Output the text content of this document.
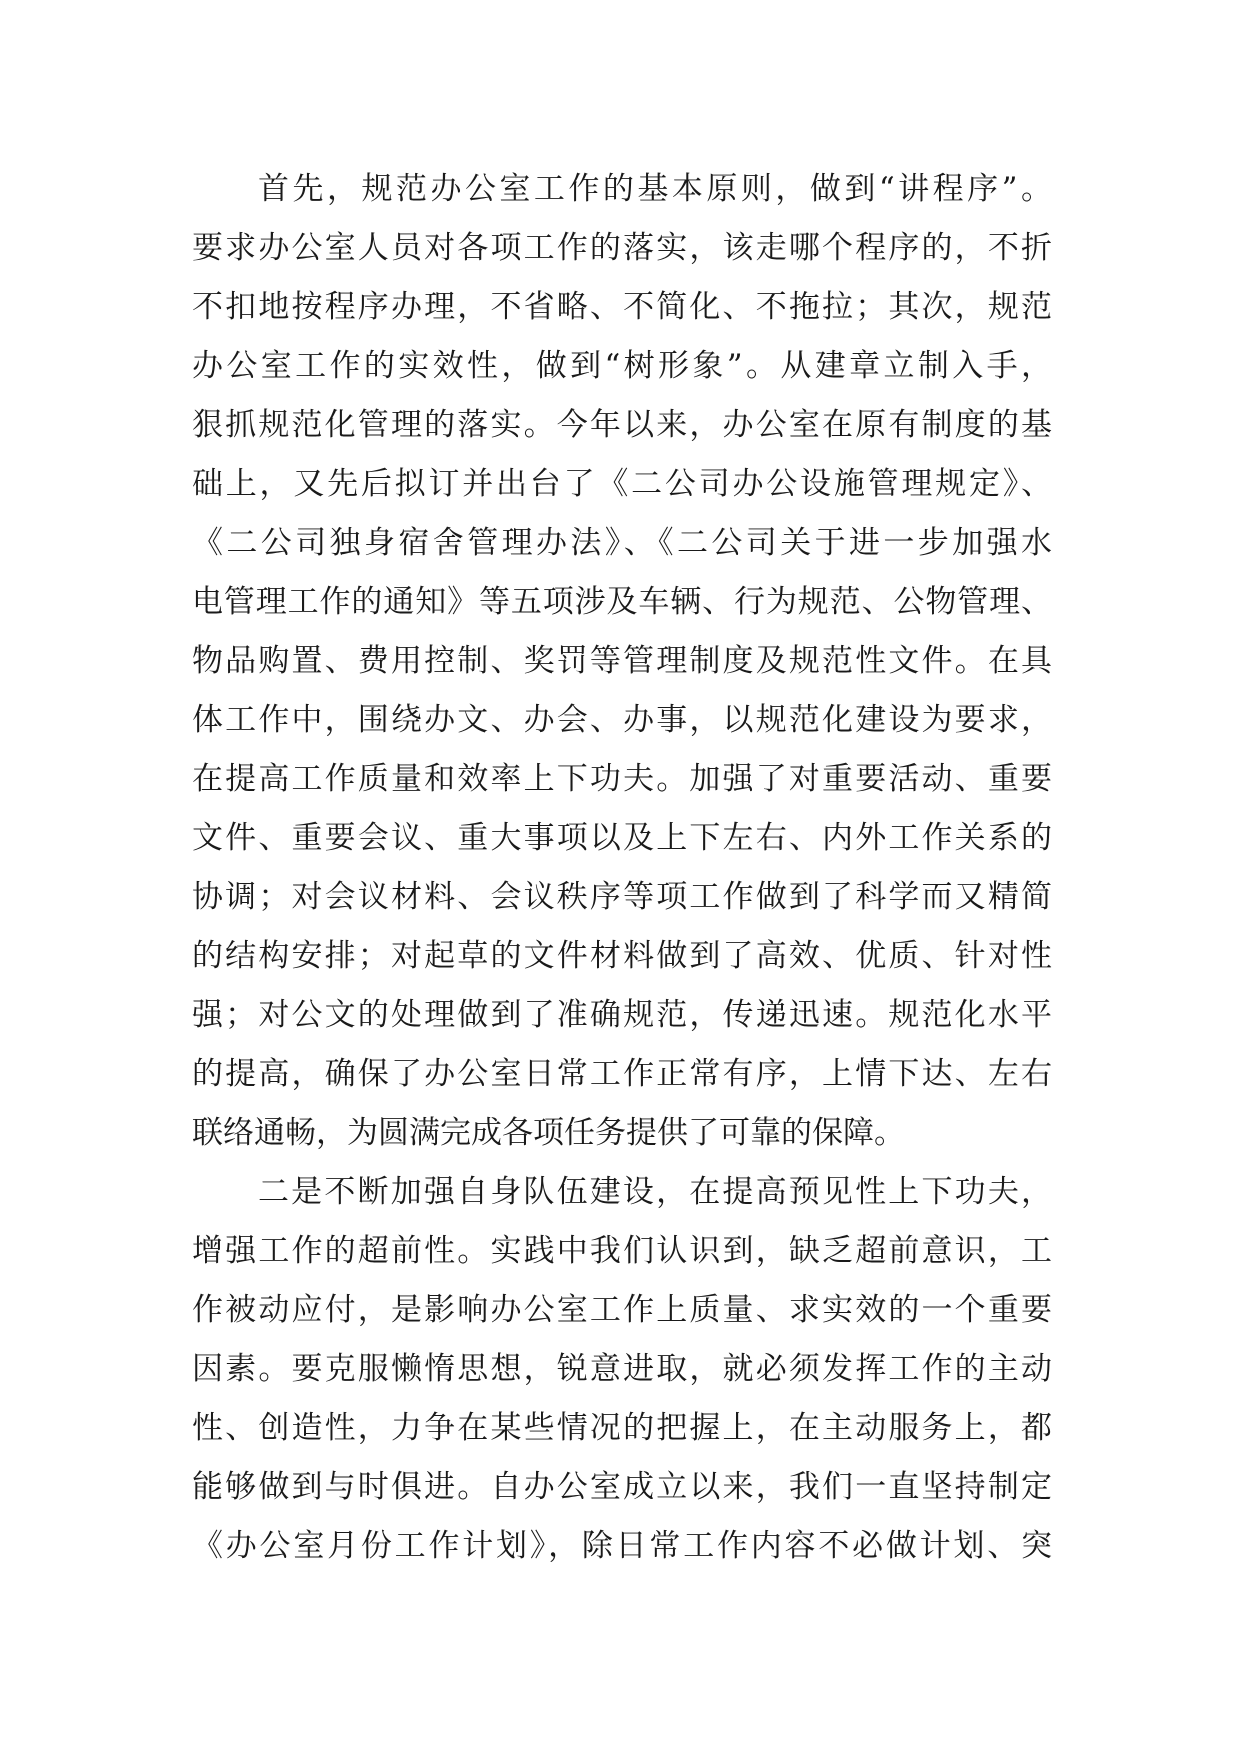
首先，规范办公室工作的基本原则，做到“讲程序”。
要求办公室人员对各项工作的落实，该走哪个程序的，不折
不扣地按程序办理，不省略、不简化、不拖拉；其次，规范
办公室工作的实效性，做到“树形象”。从建章立制入手，
狠抓规范化管理的落实。今年以来，办公室在原有制度的基
础上，又先后拟订并出台了《二公司办公设施管理规定》、
《二公司独身宿舍管理办法》、《二公司关于进一步加强水
电管理工作的通知》等五项涉及车辆、行为规范、公物管理、
物品购置、费用控制、奖罚等管理制度及规范性文件。在具
体工作中，围绕办文、办会、办事，以规范化建设为要求，
在提高工作质量和效率上下功夫。加强了对重要活动、重要
文件、重要会议、重大事项以及上下左右、内外工作关系的
协调；对会议材料、会议秩序等项工作做到了科学而又精简
的结构安排；对起草的文件材料做到了高效、优质、针对性
强；对公文的处理做到了准确规范，传递迅速。规范化水平
的提高，确保了办公室日常工作正常有序，上情下达、左右
联络通畅，为圆满完成各项任务提供了可靠的保障。

二是不断加强自身队伍建设，在提高预见性上下功夫，
增强工作的超前性。实践中我们认识到，缺乏超前意识，工
作被动应付，是影响办公室工作上质量、求实效的一个重要
因素。要克服懒惰思想，锐意进取，就必须发挥工作的主动
性、创造性，力争在某些情况的把握上，在主动服务上，都
能够做到与时俱进。自办公室成立以来，我们一直坚持制定
《办公室月份工作计划》，除日常工作内容不必做计划、突
